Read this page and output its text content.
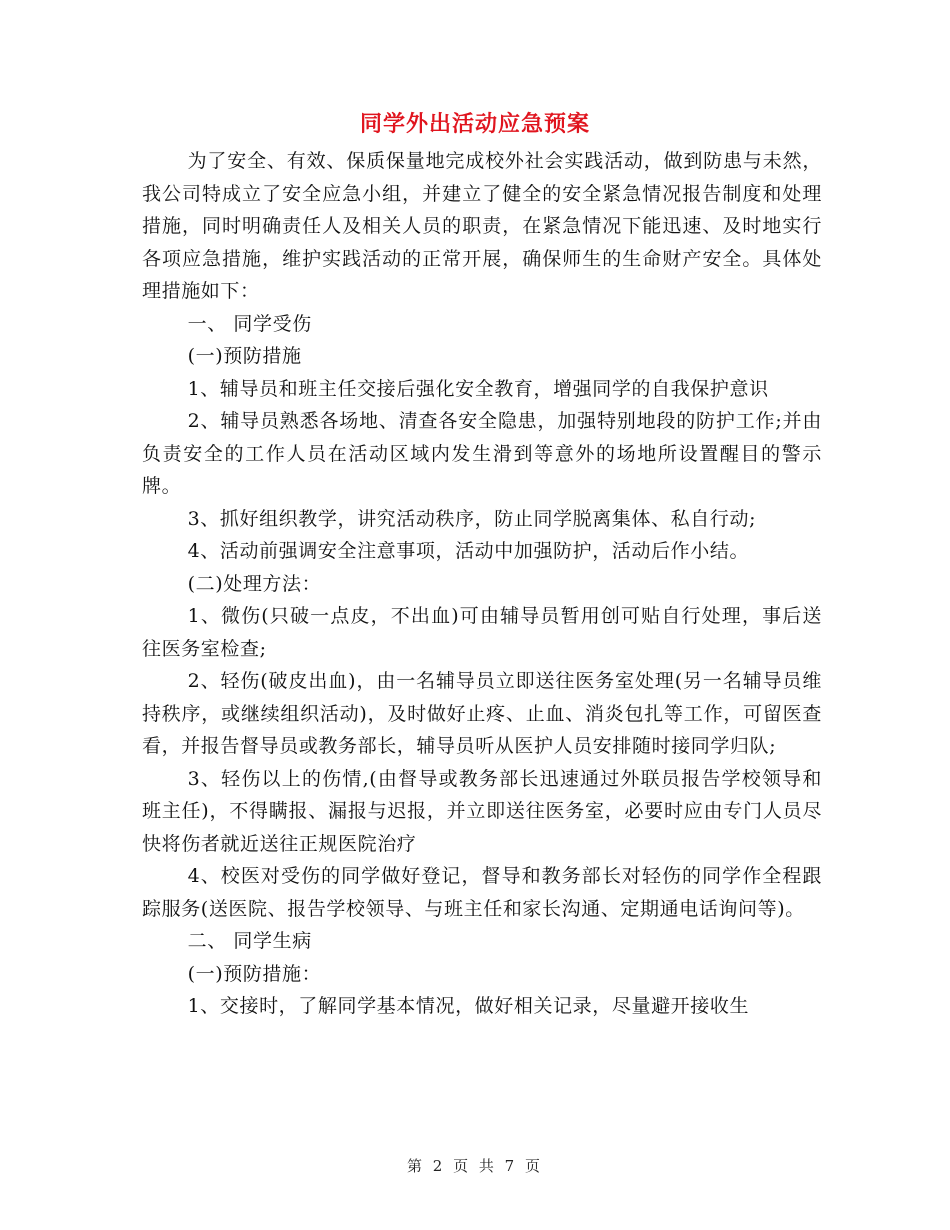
同学外出活动应急预案

为了安全、有效、保质保量地完成校外社会实践活动，做到防患与未然，我公司特成立了安全应急小组，并建立了健全的安全紧急情况报告制度和处理措施，同时明确责任人及相关人员的职责，在紧急情况下能迅速、及时地实行各项应急措施，维护实践活动的正常开展，确保师生的生命财产安全。具体处理措施如下：

一、 同学受伤

(一)预防措施

1、辅导员和班主任交接后强化安全教育，增强同学的自我保护意识

2、辅导员熟悉各场地、清查各安全隐患，加强特别地段的防护工作;并由负责安全的工作人员在活动区域内发生滑到等意外的场地所设置醒目的警示牌。

3、抓好组织教学，讲究活动秩序，防止同学脱离集体、私自行动;

4、活动前强调安全注意事项，活动中加强防护，活动后作小结。

(二)处理方法：

1、微伤(只破一点皮，不出血)可由辅导员暂用创可贴自行处理，事后送往医务室检查;

2、轻伤(破皮出血)，由一名辅导员立即送往医务室处理(另一名辅导员维持秩序，或继续组织活动)，及时做好止疼、止血、消炎包扎等工作，可留医查看，并报告督导员或教务部长，辅导员听从医护人员安排随时接同学归队;

3、轻伤以上的伤情,(由督导或教务部长迅速通过外联员报告学校领导和班主任)，不得瞒报、漏报与迟报，并立即送往医务室，必要时应由专门人员尽快将伤者就近送往正规医院治疗

4、校医对受伤的同学做好登记，督导和教务部长对轻伤的同学作全程跟踪服务(送医院、报告学校领导、与班主任和家长沟通、定期通电话询问等)。

二、 同学生病

(一)预防措施：

1、交接时，了解同学基本情况，做好相关记录，尽量避开接收生

第 2 页 共 7 页
